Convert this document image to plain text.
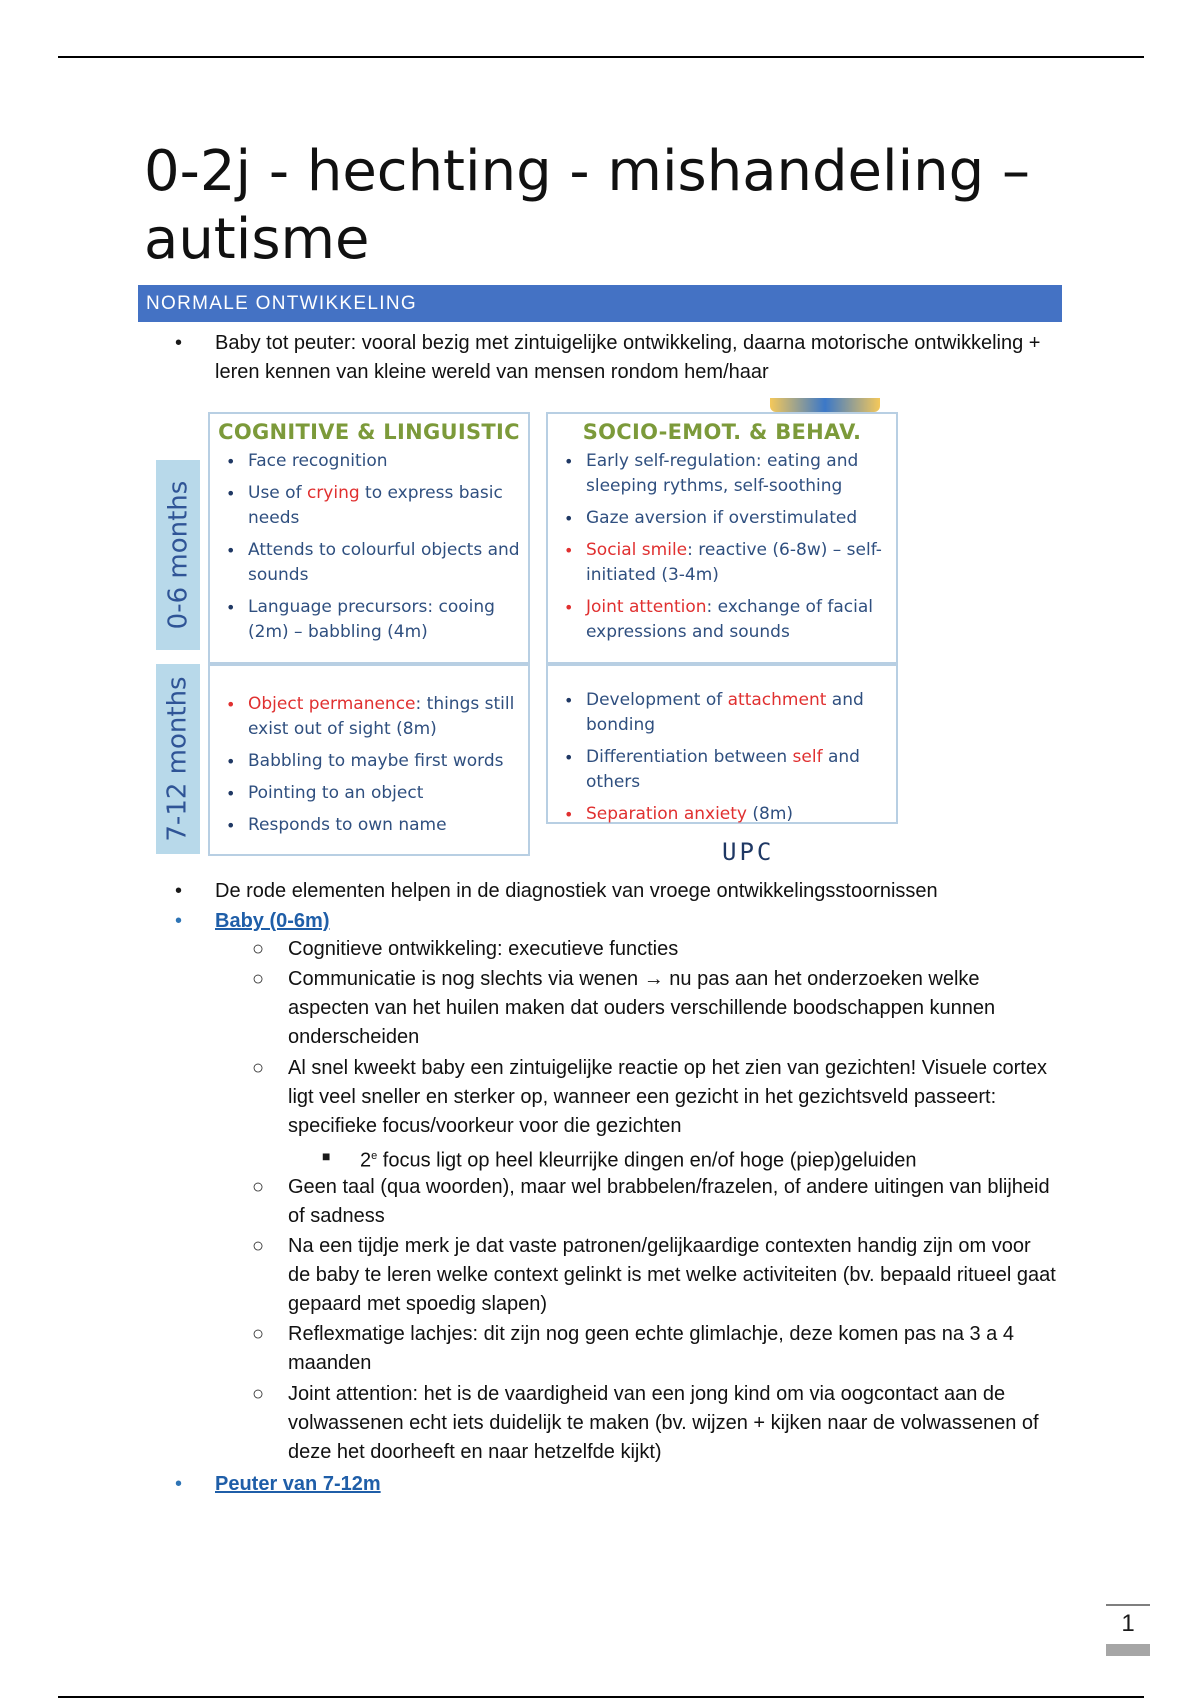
0-2j - hechting - mishandeling – autisme
NORMALE ONTWIKKELING
•	Baby tot peuter: vooral bezig met zintuigelijke ontwikkeling, daarna motorische ontwikkeling + leren kennen van kleine wereld van mensen rondom hem/haar
0-6 months
7-12 months
COGNITIVE & LINGUISTIC
• Face recognition
• Use of crying to express basic needs
• Attends to colourful objects and sounds
• Language precursors: cooing (2m) – babbling (4m)
SOCIO-EMOT. & BEHAV.
• Early self-regulation: eating and sleeping rythms, self-soothing
• Gaze aversion if overstimulated
• Social smile: reactive (6-8w) – self-initiated (3-4m)
• Joint attention: exchange of facial expressions and sounds
• Object permanence: things still exist out of sight (8m)
• Babbling to maybe first words
• Pointing to an object
• Responds to own name
• Development of attachment and bonding
• Differentiation between self and others
• Separation anxiety (8m)
UPC
•	De rode elementen helpen in de diagnostiek van vroege ontwikkelingsstoornissen
•	Baby (0-6m)
○ Cognitieve ontwikkeling: executieve functies
○ Communicatie is nog slechts via wenen → nu pas aan het onderzoeken welke aspecten van het huilen maken dat ouders verschillende boodschappen kunnen onderscheiden
○ Al snel kweekt baby een zintuigelijke reactie op het zien van gezichten! Visuele cortex ligt veel sneller en sterker op, wanneer een gezicht in het gezichtsveld passeert: specifieke focus/voorkeur voor die gezichten
■ 2e focus ligt op heel kleurrijke dingen en/of hoge (piep)geluiden
○ Geen taal (qua woorden), maar wel brabbelen/frazelen, of andere uitingen van blijheid of sadness
○ Na een tijdje merk je dat vaste patronen/gelijkaardige contexten handig zijn om voor de baby te leren welke context gelinkt is met welke activiteiten (bv. bepaald ritueel gaat gepaard met spoedig slapen)
○ Reflexmatige lachjes: dit zijn nog geen echte glimlachje, deze komen pas na 3 a 4 maanden
○ Joint attention: het is de vaardigheid van een jong kind om via oogcontact aan de volwassenen echt iets duidelijk te maken (bv. wijzen + kijken naar de volwassenen of deze het doorheeft en naar hetzelfde kijkt)
•	Peuter van 7-12m
1
